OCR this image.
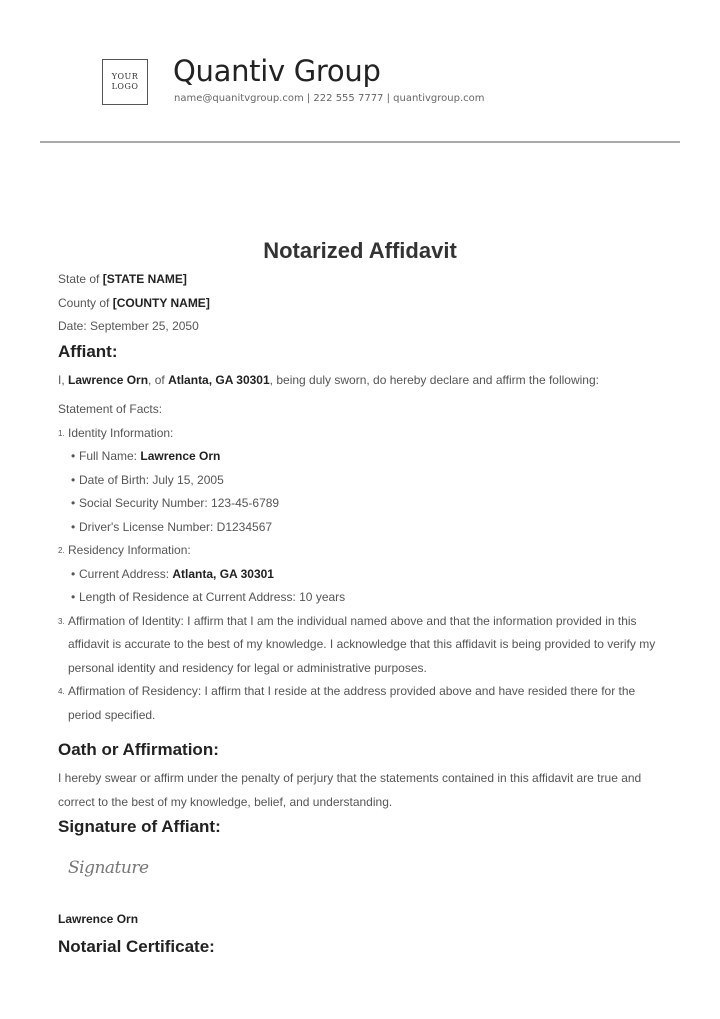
YOUR
LOGO Quantiv Group
name@quanitvgroup.com | 222 555 7777 | quantivgroup.com
Notarized Affidavit
State of [STATE NAME]
County of [COUNTY NAME]
Date: September 25, 2050
Affiant:
I, Lawrence Orn, of Atlanta, GA 30301, being duly sworn, do hereby declare and affirm the following:
Statement of Facts:
1. Identity Information:
• Full Name: Lawrence Orn
• Date of Birth: July 15, 2005
• Social Security Number: 123-45-6789
• Driver's License Number: D1234567
2. Residency Information:
• Current Address: Atlanta, GA 30301
• Length of Residence at Current Address: 10 years
3. Affirmation of Identity: I affirm that I am the individual named above and that the information provided in this affidavit is accurate to the best of my knowledge. I acknowledge that this affidavit is being provided to verify my personal identity and residency for legal or administrative purposes.
4. Affirmation of Residency: I affirm that I reside at the address provided above and have resided there for the period specified.
Oath or Affirmation:
I hereby swear or affirm under the penalty of perjury that the statements contained in this affidavit are true and correct to the best of my knowledge, belief, and understanding.
Signature of Affiant:
Signature
Lawrence Orn
Notarial Certificate:
